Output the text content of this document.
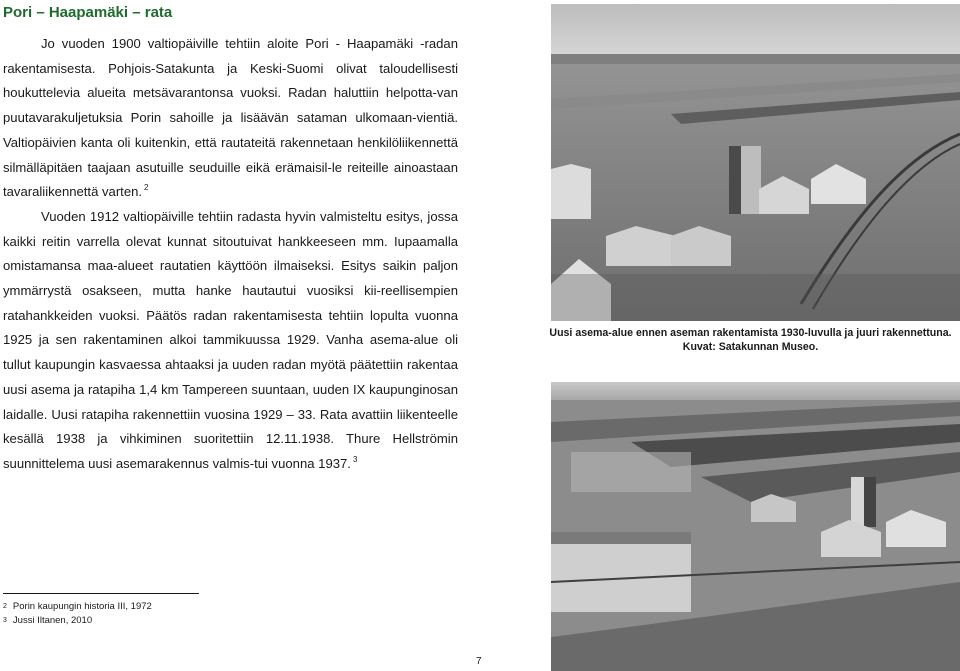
Pori – Haapamäki – rata

Jo vuoden 1900 valtiopäiville tehtiin aloite Pori - Haapamäki -radan rakentamisesta. Pohjois-Satakunta ja Keski-Suomi olivat taloudellisesti houkuttelevia alueita metsävarantonsa vuoksi. Radan haluttiin helpotta-van puutavarakuljetuksia Porin sahoille ja lisäävän sataman ulkomaan-vientiä. Valtiopäivien kanta oli kuitenkin, että rautateitä rakennetaan henkilöliikennettä silmälläpitäen taajaan asutuille seuduille eikä erämaisil-le reiteille ainoastaan tavaraliikennettä varten. $^2$

Vuoden 1912 valtiopäiville tehtiin radasta hyvin valmisteltu esitys, jossa kaikki reitin varrella olevat kunnat sitoutuivat hankkeeseen mm. Iupaamalla omistamansa maa-alueet rautatien käyttöön ilmaiseksi. Esitys saikin paljon ymmärrystä osakseen, mutta hanke hautautui vuosiksi kii-reellisempien ratahankkeiden vuoksi. Päätös radan rakentamisesta tehtiin lopulta vuonna 1925 ja sen rakentaminen alkoi tammikuussa 1929. Vanha asema-alue oli tullut kaupungin kasvaessa ahtaaksi ja uuden radan myötä päätettiin rakentaa uusi asema ja ratapiha 1,4 km Tampereen suuntaan, uuden IX kaupunginosan laidalle. Uusi ratapiha rakennettiin vuosina 1929 – 33. Rata avattiin liikenteelle kesällä 1938 ja vihkiminen suoritettiin 12.11.1938. Thure Hellströmin suunnittelema uusi asemarakennus valmis-tui vuonna 1937. $^3$

$^2$ Porin kaupungin historia III, 1972
$^3$ Jussi Iltanen, 2010
Uusi asema-alue ennen aseman rakentamista 1930-luvulla ja juuri rakennettuna.
Kuvat: Satakunnan Museo.
7
